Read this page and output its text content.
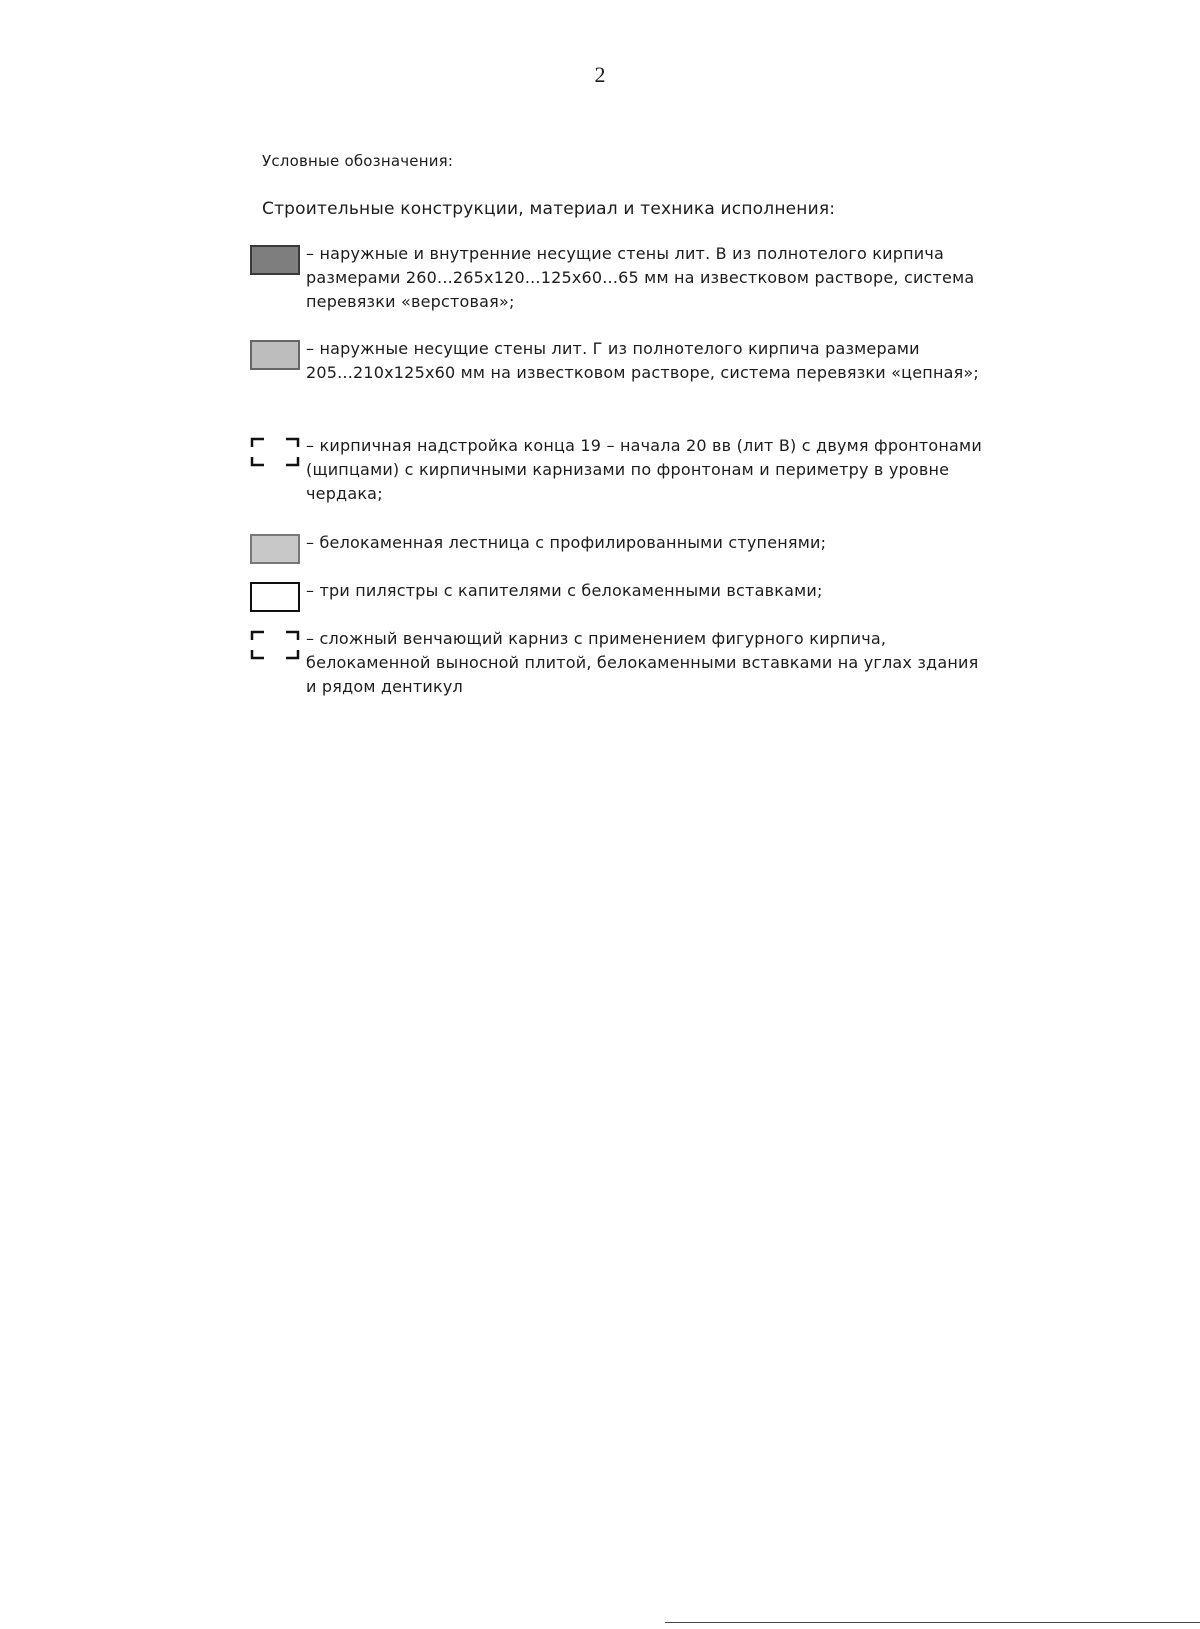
2
Условные обозначения:
Строительные конструкции, материал и техника исполнения:
– наружные и внутренние несущие стены лит. В из полнотелого кирпича размерами 260...265х120...125х60...65 мм на известковом растворе, система перевязки «верстовая»;
– наружные несущие стены лит. Г из полнотелого кирпича размерами 205...210х125х60 мм на известковом растворе, система перевязки «цепная»;
– кирпичная надстройка конца 19 – начала 20 вв (лит В) с двумя фронтонами (щипцами) с кирпичными карнизами по фронтонам и периметру в уровне чердака;
– белокаменная лестница с профилированными ступенями;
– три пилястры с капителями с белокаменными вставками;
– сложный венчающий карниз с применением фигурного кирпича, белокаменной выносной плитой, белокаменными вставками на углах здания и рядом дентикул
